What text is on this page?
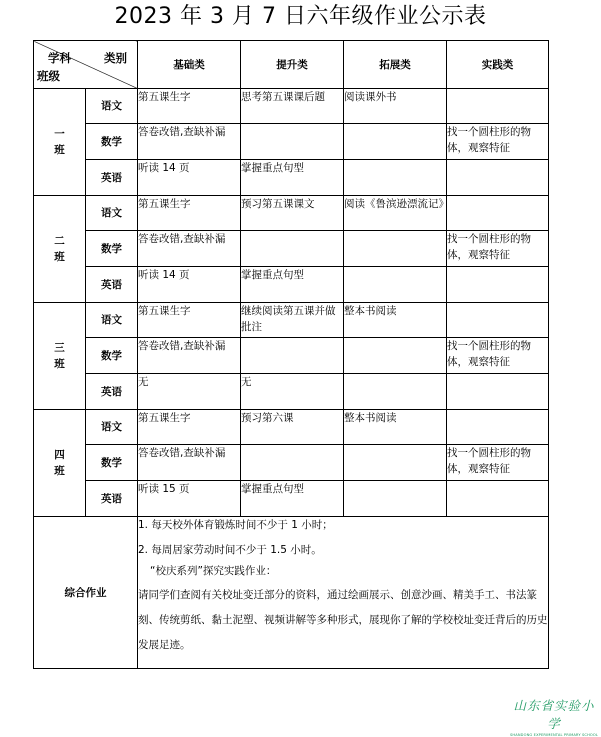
2023 年 3 月 7 日六年级作业公示表
学科 类别
班级		基础类	提升类	拓展类	实践类
一
班	语文	第五课生字	思考第五课课后题	阅读课外书	
	数学	答卷改错,查缺补漏			找一个圆柱形的物体，观察特征
	英语	听读 14 页	掌握重点句型		
二
班	语文	第五课生字	预习第五课课文	阅读《鲁滨逊漂流记》	
	数学	答卷改错,查缺补漏			找一个圆柱形的物体，观察特征
	英语	听读 14 页	掌握重点句型		
三
班	语文	第五课生字	继续阅读第五课并做批注	整本书阅读	
	数学	答卷改错,查缺补漏			找一个圆柱形的物体，观察特征
	英语	无	无		
四
班	语文	第五课生字	预习第六课	整本书阅读	
	数学	答卷改错,查缺补漏			找一个圆柱形的物体，观察特征
	英语	听读 15 页	掌握重点句型		
综合作业		1. 每天校外体育锻炼时间不少于 1 小时；

2. 每周居家劳动时间不少于 1.5 小时。

“校庆系列”探究实践作业：

请同学们查阅有关校址变迁部分的资料，通过绘画展示、创意沙画、精美手工、书法篆刻、传统剪纸、黏土泥塑、视频讲解等多种形式，展现你了解的学校校址变迁背后的历史发展足迹。			

山东省实验小学
SHANDONG EXPERIMENTAL PRIMARY SCHOOL
